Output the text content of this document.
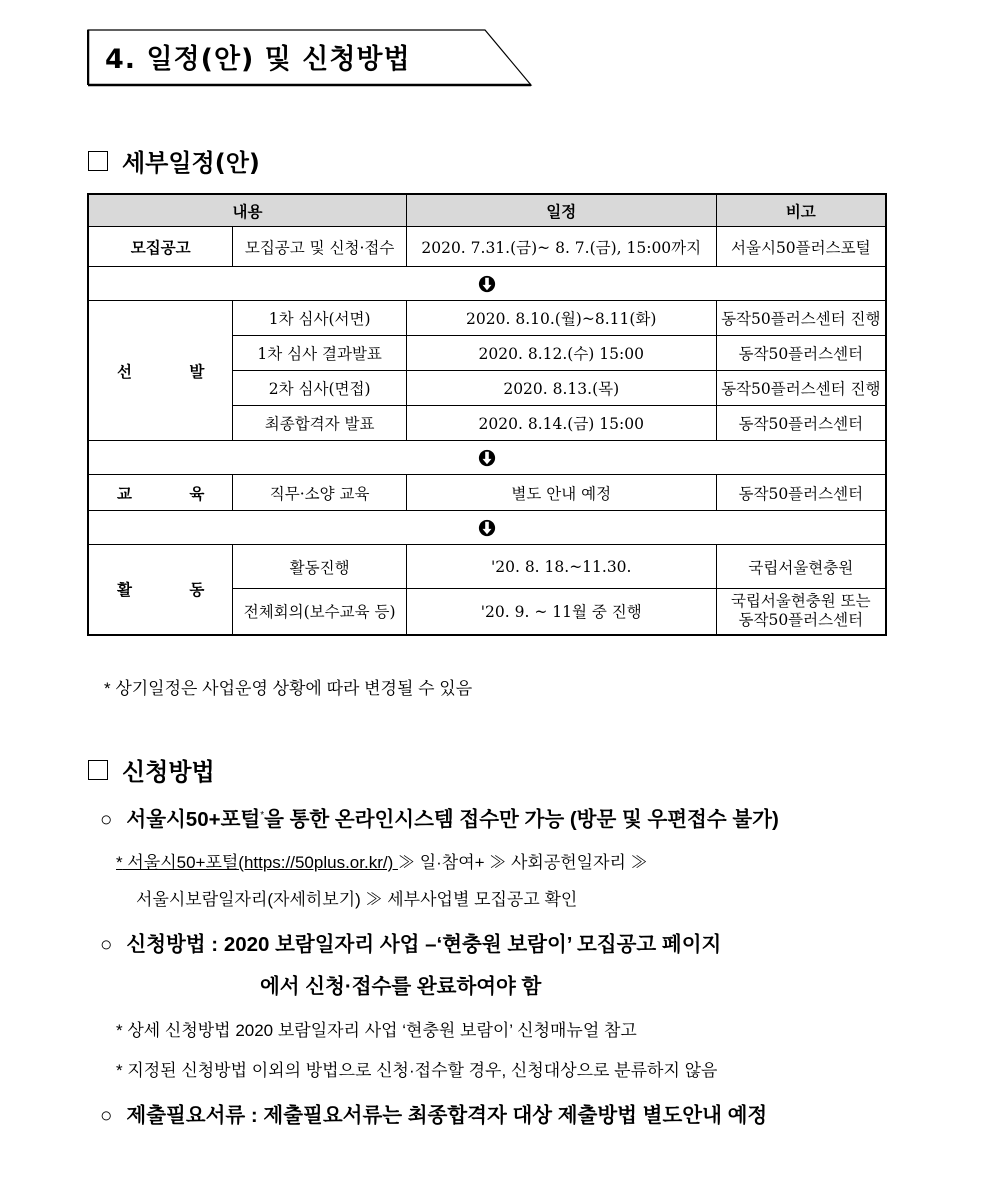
4. 일정(안) 및 신청방법
세부일정(안)
내용		일정	비고
모집공고	모집공고 및 신청·접수	2020. 7.31.(금)~ 8. 7.(금), 15:00까지	서울시50플러스포털

선 발	1차 심사(서면)	2020. 8.10.(월)~8.11(화)	동작50플러스센터 진행
	1차 심사 결과발표	2020. 8.12.(수) 15:00	동작50플러스센터
	2차 심사(면접)	2020. 8.13.(목)	동작50플러스센터 진행
	최종합격자 발표	2020. 8.14.(금) 15:00	동작50플러스센터

교 육	직무·소양 교육	별도 안내 예정	동작50플러스센터

활 동	활동진행	'20. 8. 18.~11.30.	국립서울현충원
	전체회의(보수교육 등)	'20. 9. ~ 11월 중 진행	국립서울현충원 또는
동작50플러스센터
* 상기일정은 사업운영 상황에 따라 변경될 수 있음
신청방법
○ 서울시50+포털*을 통한 온라인시스템 접수만 가능 (방문 및 우편접수 불가)
* 서울시50+포털(https://50plus.or.kr/) ≫ 일·참여+ ≫ 사회공헌일자리 ≫
서울시보람일자리(자세히보기) ≫ 세부사업별 모집공고 확인
○ 신청방법 : 2020 보람일자리 사업 –‘현충원 보람이’ 모집공고 페이지
에서 신청·접수를 완료하여야 함
* 상세 신청방법 2020 보람일자리 사업 ‘현충원 보람이’ 신청매뉴얼 참고
* 지정된 신청방법 이외의 방법으로 신청·접수할 경우, 신청대상으로 분류하지 않음
○ 제출필요서류 : 제출필요서류는 최종합격자 대상 제출방법 별도안내 예정
